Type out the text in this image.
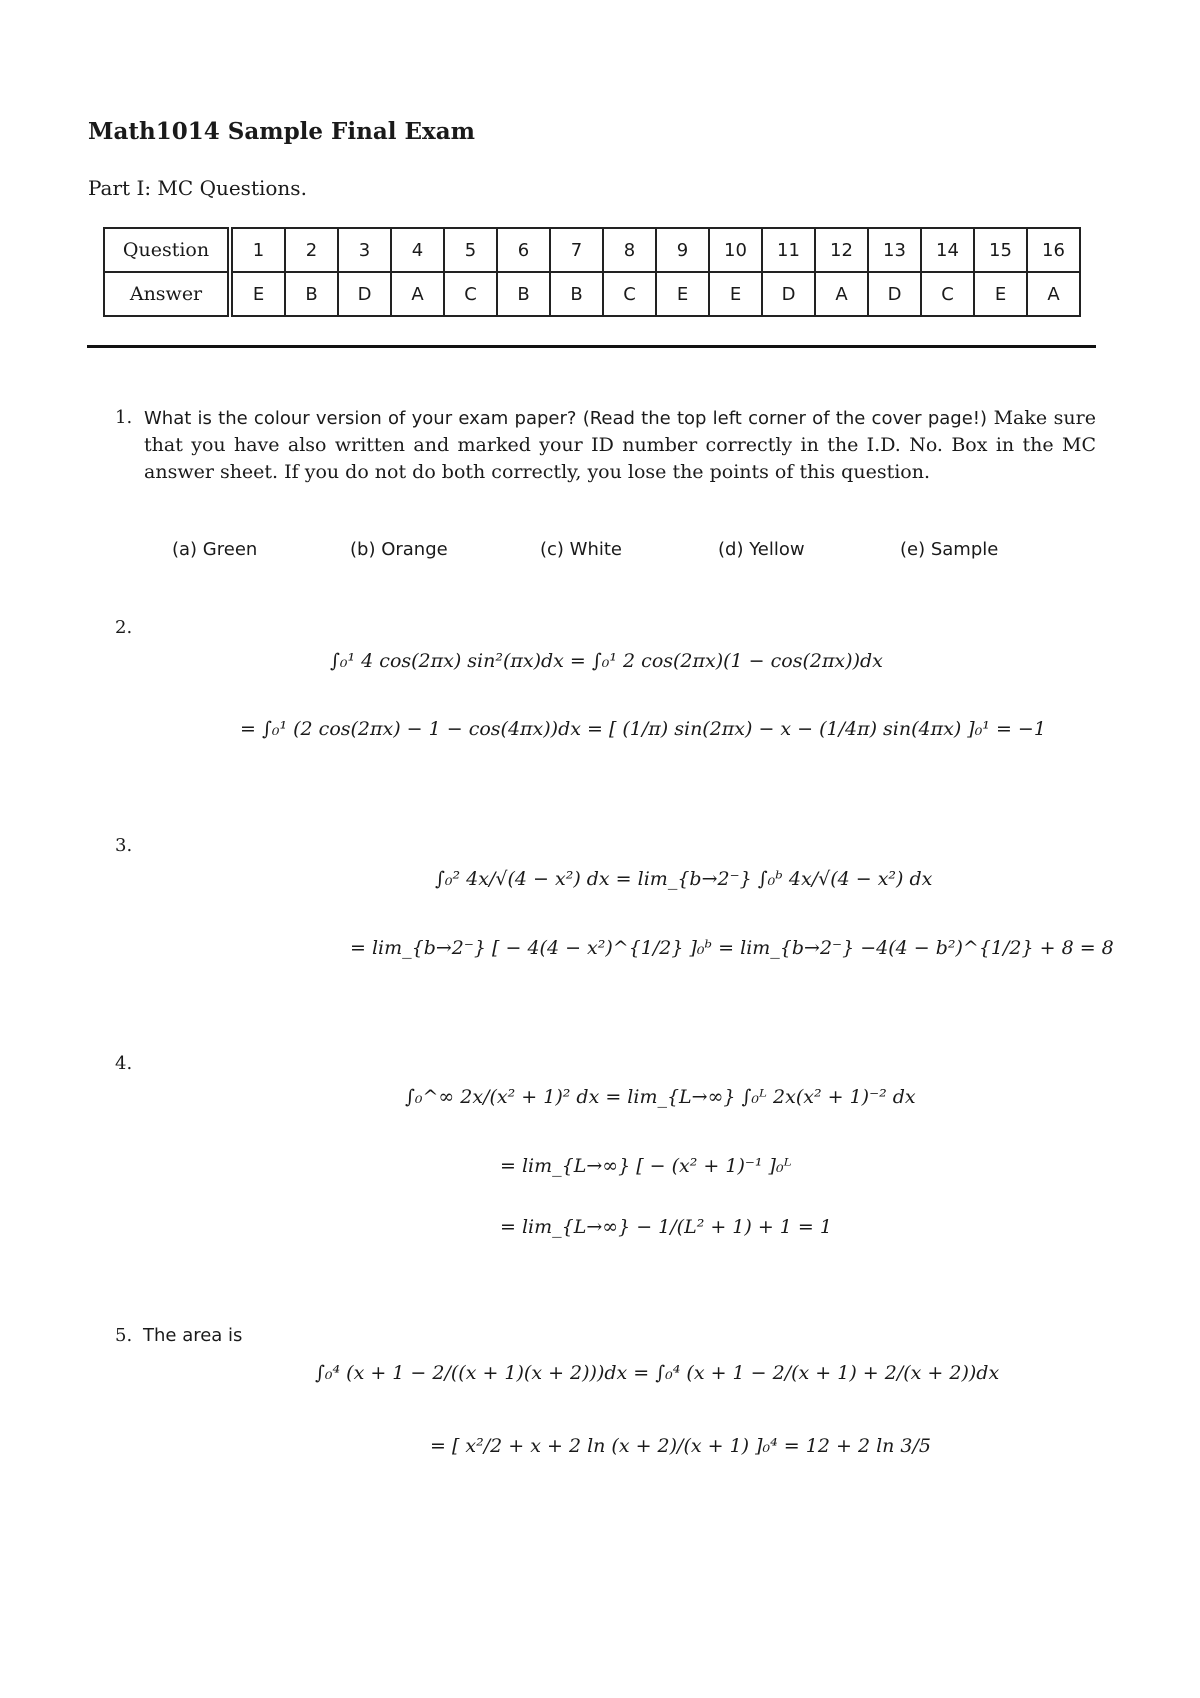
Math1014 Sample Final Exam
Part I: MC Questions.
Question	1	2	3	4	5	6	7	8	9	10	11	12	13	14	15	16
Answer	E	B	D	A	C	B	B	C	E	E	D	A	D	C	E	A
1. What is the colour version of your exam paper? (Read the top left corner of the cover page!) Make sure that you have also written and marked your ID number correctly in the I.D. No. Box in the MC answer sheet. If you do not do both correctly, you lose the points of this question.
(a) Green	(b) Orange	(c) White	(d) Yellow	(e) Sample
2.
∫₀¹ 4 cos(2πx) sin²(πx)dx = ∫₀¹ 2 cos(2πx)(1 − cos(2πx))dx
= ∫₀¹ (2 cos(2πx) − 1 − cos(4πx))dx = [ (1/π) sin(2πx) − x − (1/4π) sin(4πx) ]₀¹ = −1
3.
∫₀² 4x/√(4 − x²) dx = lim_{b→2⁻} ∫₀ᵇ 4x/√(4 − x²) dx
= lim_{b→2⁻} [ − 4(4 − x²)^{1/2} ]₀ᵇ = lim_{b→2⁻} −4(4 − b²)^{1/2} + 8 = 8
4.
∫₀^∞ 2x/(x² + 1)² dx = lim_{L→∞} ∫₀ᴸ 2x(x² + 1)⁻² dx
= lim_{L→∞} [ − (x² + 1)⁻¹ ]₀ᴸ
= lim_{L→∞} − 1/(L² + 1) + 1 = 1
5. The area is
∫₀⁴ (x + 1 − 2/((x + 1)(x + 2)))dx = ∫₀⁴ (x + 1 − 2/(x + 1) + 2/(x + 2))dx
= [ x²/2 + x + 2 ln (x + 2)/(x + 1) ]₀⁴ = 12 + 2 ln 3/5
